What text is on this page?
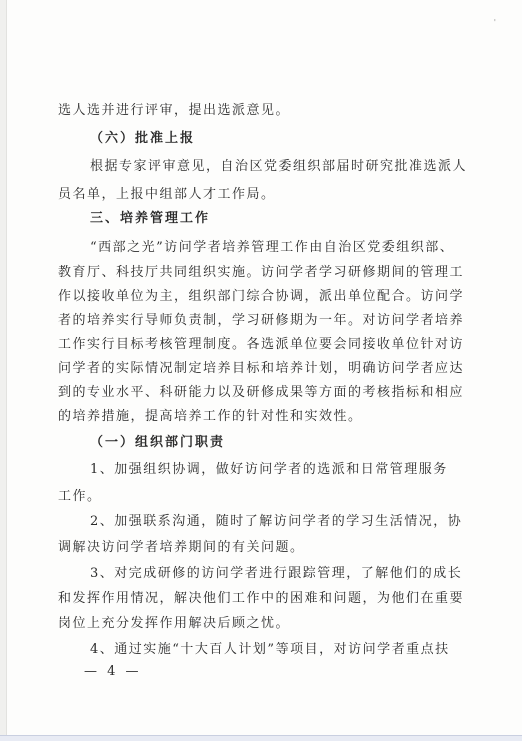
'
选人选并进行评审，提出选派意见。
（六）批准上报
根据专家评审意见，自治区党委组织部届时研究批准选派人
员名单，上报中组部人才工作局。
三、培养管理工作
“西部之光”访问学者培养管理工作由自治区党委组织部、
教育厅、科技厅共同组织实施。访问学者学习研修期间的管理工
作以接收单位为主，组织部门综合协调，派出单位配合。访问学
者的培养实行导师负责制，学习研修期为一年。对访问学者培养
工作实行目标考核管理制度。各选派单位要会同接收单位针对访
问学者的实际情况制定培养目标和培养计划，明确访问学者应达
到的专业水平、科研能力以及研修成果等方面的考核指标和相应
的培养措施，提高培养工作的针对性和实效性。
（一）组织部门职责
1、加强组织协调，做好访问学者的选派和日常管理服务
工作。
2、加强联系沟通，随时了解访问学者的学习生活情况，协
调解决访问学者培养期间的有关问题。
3、对完成研修的访问学者进行跟踪管理，了解他们的成长
和发挥作用情况，解决他们工作中的困难和问题，为他们在重要
岗位上充分发挥作用解决后顾之忧。
4、通过实施“十大百人计划”等项目，对访问学者重点扶
— 4 —
